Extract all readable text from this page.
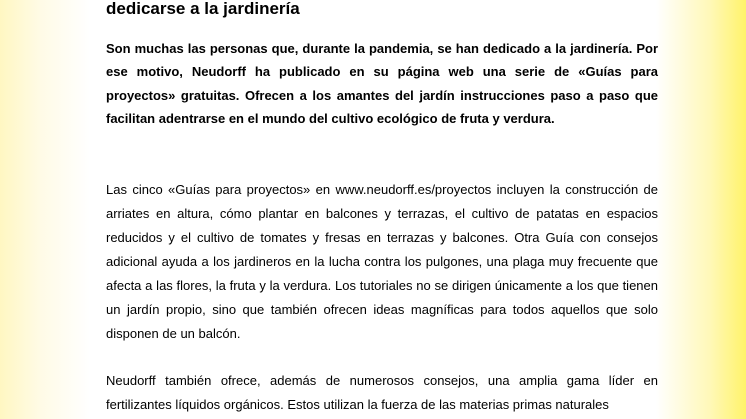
dedicarse a la jardinería

Son muchas las personas que, durante la pandemia, se han dedicado a la jardinería. Por ese motivo, Neudorff ha publicado en su página web una serie de «Guías para proyectos» gratuitas. Ofrecen a los amantes del jardín instrucciones paso a paso que facilitan adentrarse en el mundo del cultivo ecológico de fruta y verdura.

Las cinco «Guías para proyectos» en www.neudorff.es/proyectos incluyen la construcción de arriates en altura, cómo plantar en balcones y terrazas, el cultivo de patatas en espacios reducidos y el cultivo de tomates y fresas en terrazas y balcones. Otra Guía con consejos adicional ayuda a los jardineros en la lucha contra los pulgones, una plaga muy frecuente que afecta a las flores, la fruta y la verdura. Los tutoriales no se dirigen únicamente a los que tienen un jardín propio, sino que también ofrecen ideas magníficas para todos aquellos que solo disponen de un balcón.

Neudorff también ofrece, además de numerosos consejos, una amplia gama líder en fertilizantes líquidos orgánicos. Estos utilizan la fuerza de las materias primas naturales
